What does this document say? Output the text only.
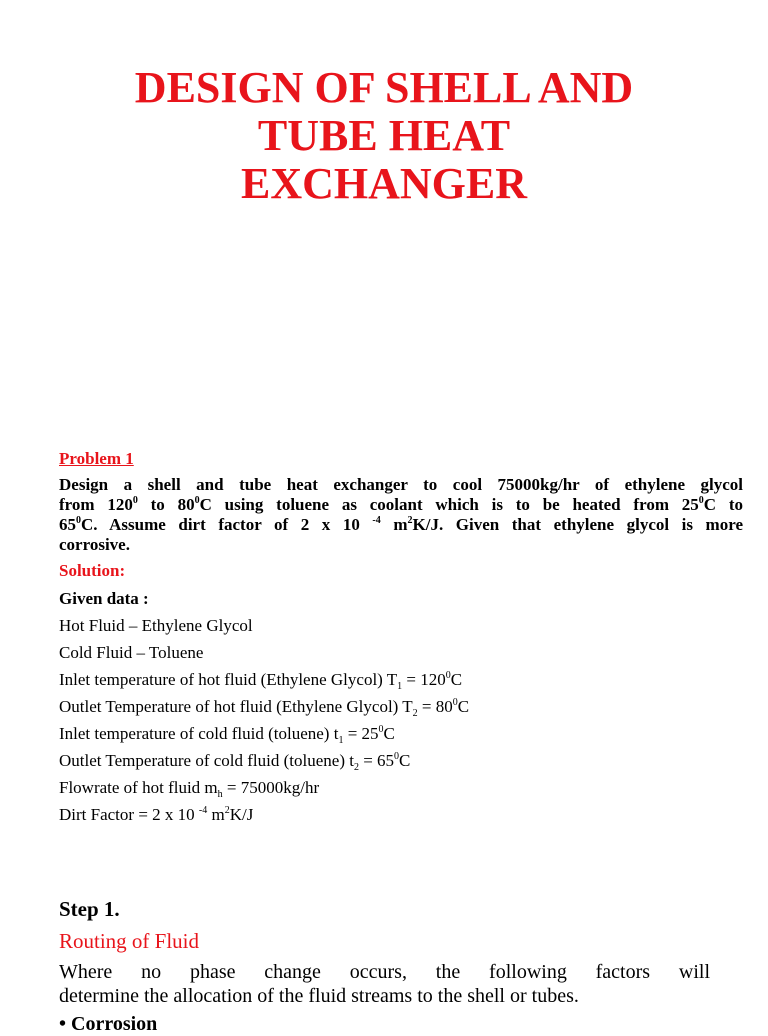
DESIGN OF SHELL AND
TUBE HEAT
EXCHANGER
Problem 1
Design a shell and tube heat exchanger to cool 75000kg/hr of ethylene glycol
from $120^0$ to $80^0C$ using toluene as coolant which is to be heated from $25^0C$ to
$65^0C$. Assume dirt factor of 2 x 10 $^{-4}$ $m^2K/J$. Given that ethylene glycol is more
corrosive.
Solution:
Given data :
Hot Fluid – Ethylene Glycol
Cold Fluid – Toluene
Inlet temperature of hot fluid (Ethylene Glycol) $T_1 = 120^0C$
Outlet Temperature of hot fluid (Ethylene Glycol) $T_2 = 80^0C$
Inlet temperature of cold fluid (toluene) $t_1 = 25^0C$
Outlet Temperature of cold fluid (toluene) $t_2 = 65^0C$
Flowrate of hot fluid $m_h = 75000kg/hr$
Dirt Factor = 2 x 10 $^{-4}$ $m^2K/J$
Step 1.
Routing of Fluid
Where no phase change occurs, the following factors will
determine the allocation of the fluid streams to the shell or tubes.
• Corrosion
